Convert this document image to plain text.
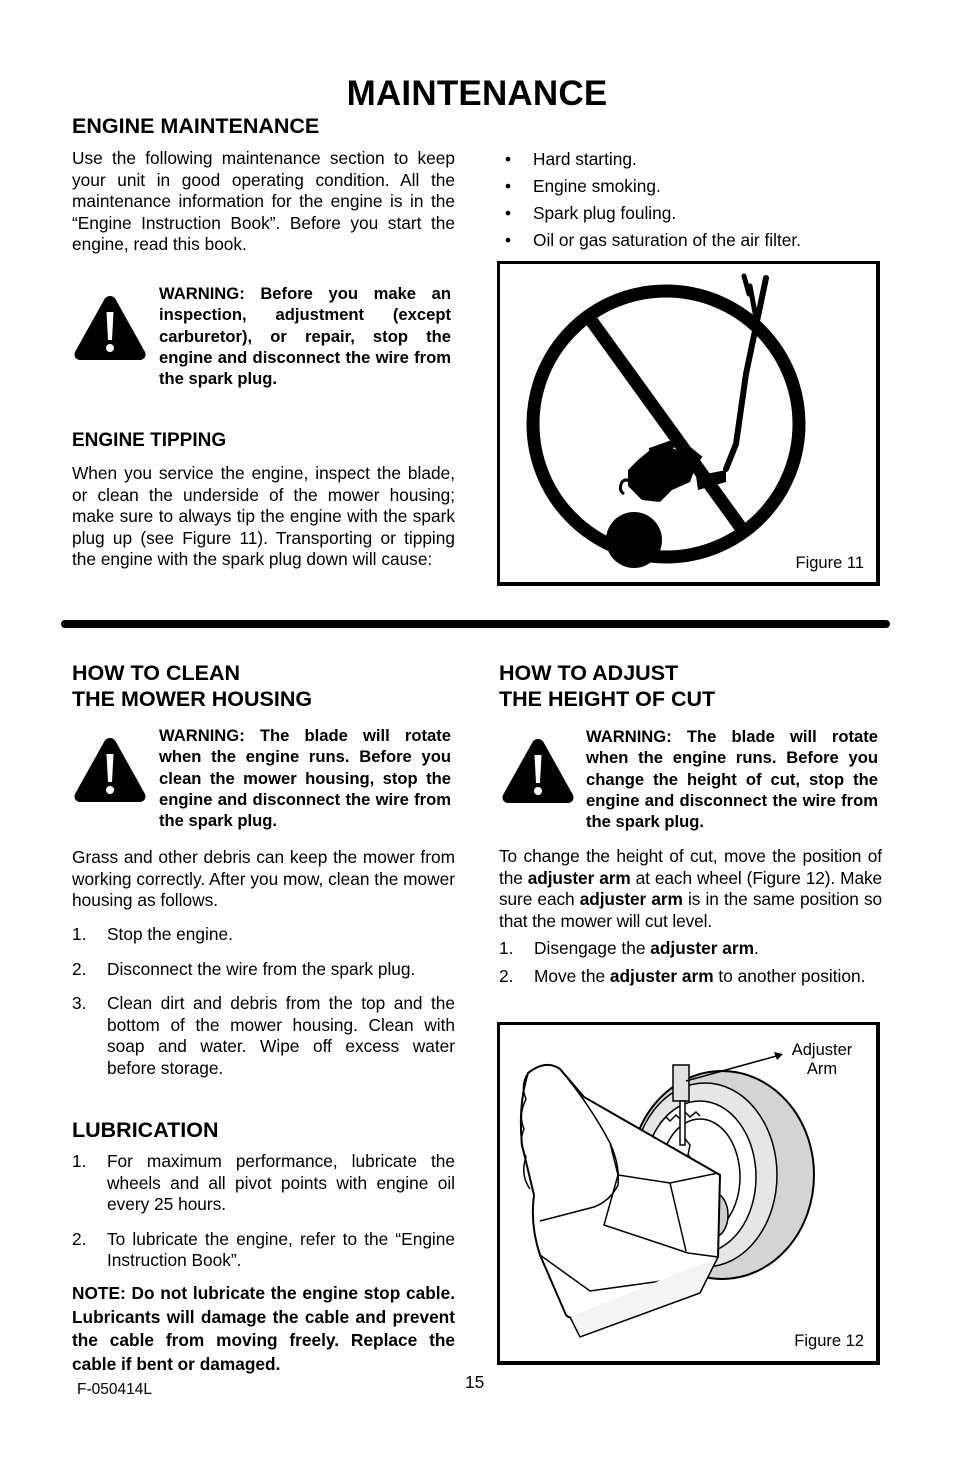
MAINTENANCE
ENGINE MAINTENANCE

Use the following maintenance section to keep your unit in good operating condition. All the maintenance information for the engine is in the “Engine Instruction Book”. Before you start the engine, read this book.

WARNING: Before you make an inspection, adjustment (except carburetor), or repair, stop the engine and disconnect the wire from the spark plug.

ENGINE TIPPING

When you service the engine, inspect the blade, or clean the underside of the mower housing; make sure to always tip the engine with the spark plug up (see Figure 11). Transporting or tipping the engine with the spark plug down will cause:

• Hard starting.
• Engine smoking.
• Spark plug fouling.
• Oil or gas saturation of the air filter.
Figure 11
HOW TO CLEAN
THE MOWER HOUSING

WARNING: The blade will rotate when the engine runs. Before you clean the mower housing, stop the engine and disconnect the wire from the spark plug.

Grass and other debris can keep the mower from working correctly. After you mow, clean the mower housing as follows.

1. Stop the engine.
2. Disconnect the wire from the spark plug.
3. Clean dirt and debris from the top and the bottom of the mower housing. Clean with soap and water. Wipe off excess water before storage.
LUBRICATION
1. For maximum performance, lubricate the wheels and all pivot points with engine oil every 25 hours.
2. To lubricate the engine, refer to the “Engine Instruction Book”.

NOTE: Do not lubricate the engine stop cable. Lubricants will damage the cable and prevent the cable from moving freely. Replace the cable if bent or damaged.

HOW TO ADJUST
THE HEIGHT OF CUT

WARNING: The blade will rotate when the engine runs. Before you change the height of cut, stop the engine and disconnect the wire from the spark plug.

To change the height of cut, move the position of the adjuster arm at each wheel (Figure 12). Make sure each adjuster arm is in the same position so that the mower will cut level.

1. Disengage the adjuster arm.
2. Move the adjuster arm to another position.
Adjuster
Arm
Figure 12
F-050414L	15
